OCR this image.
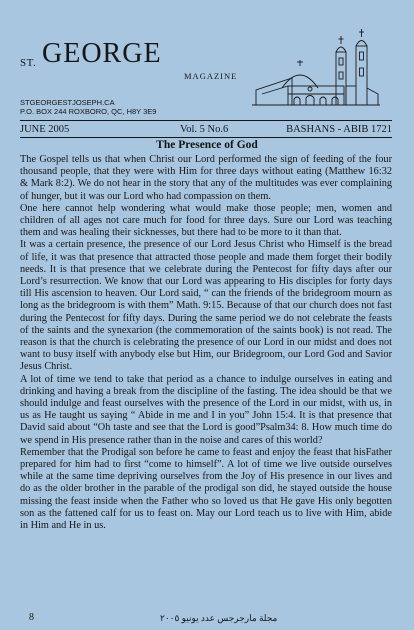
ST. GEORGE
MAGAZINE
STGEORGESTJOSEPH.CA
P.O. BOX 244 ROXBORO, QC, H8Y 3E9
JUNE 2005	Vol. 5 No.6	BASHANS - ABIB 1721
The Presence of God

The Gospel tells us that when Christ our Lord performed the sign of feeding of the four thousand people, that they were with Him for three days without eating (Matthew 16:32 & Mark 8:2). We do not hear in the story that any of the multitudes was ever complaining of hunger, but it was our Lord who had compassion on them.

One here cannot help wondering what would make those people; men, women and children of all ages not care much for food for three days. Sure our Lord was teaching them and was healing their sicknesses, but there had to be more to it than that.

It was a certain presence, the presence of our Lord Jesus Christ who Himself is the bread of life, it was that presence that attracted those people and made them forget their bodily needs. It is that presence that we celebrate during the Pentecost for fifty days after our Lord’s resurrection. We know that our Lord was appearing to His disciples for forty days till His ascension to heaven. Our Lord said, “ can the friends of the bridegroom mourn as long as the bridegroom is with them” Math. 9:15. Because of that our church does not fast during the Pentecost for fifty days. During the same period we do not celebrate the feasts of the saints and the synexarion (the commemoration of the saints book) is not read. The reason is that the church is celebrating the presence of our Lord in our midst and does not want to busy itself with anybody else but Him, our Bridegroom, our Lord God and Savior Jesus Christ.

A lot of time we tend to take that period as a chance to indulge ourselves in eating and drinking and having a break from the discipline of the fasting. The idea should be that we should indulge and feast ourselves with the presence of the Lord in our midst, with us, in us as He taught us saying “ Abide in me and I in you” John 15:4. It is that presence that David said about “Oh taste and see that the Lord is good”Psalm34: 8. How much time do we spend in His presence rather than in the noise and cares of this world?

Remember that the Prodigal son before he came to feast and enjoy the feast that hisFather prepared for him had to first “come to himself”. A lot of time we live outside ourselves while at the same time depriving ourselves from the Joy of His presence in our lives and do as the older brother in the parable of the prodigal son did, he stayed outside the house missing the feast inside when the Father who so loved us that He gave His only begotten son as the fattened calf for us to feast on. May our Lord teach us to live with Him, abide in Him and He in us.

8	مجلة مارجرجس عدد يونيو ٢٠٠٥
